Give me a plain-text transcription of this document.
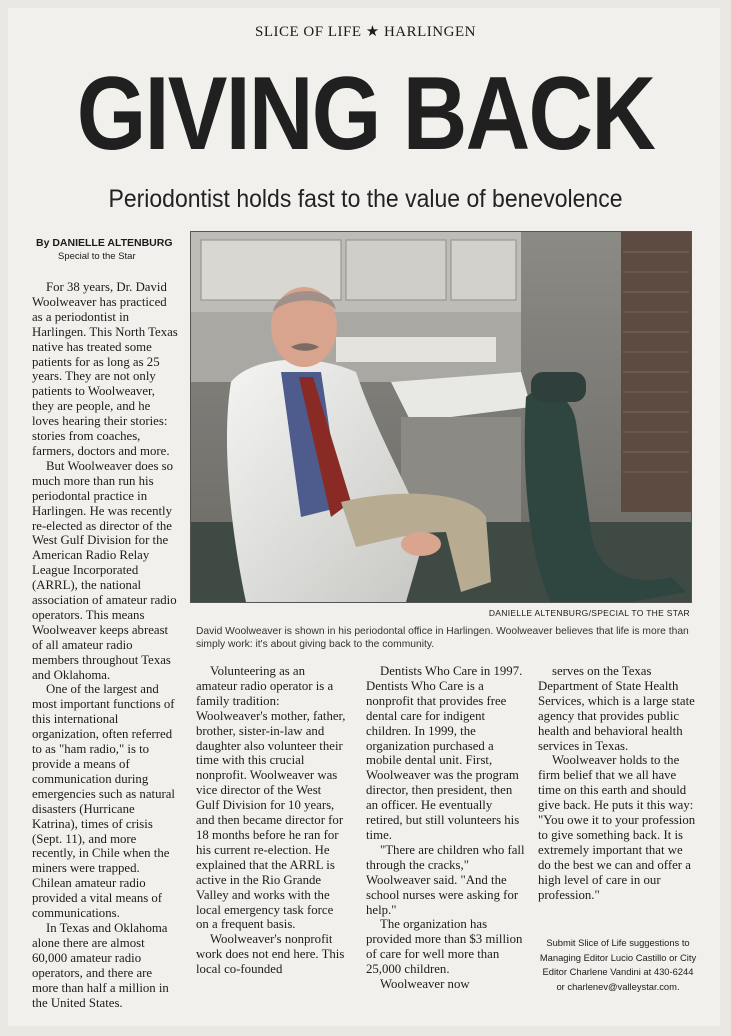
SLICE OF LIFE ★ HARLINGEN
GIVING BACK
Periodontist holds fast to the value of benevolence
By DANIELLE ALTENBURG
Special to the Star

For 38 years, Dr. David Woolweaver has practiced as a periodontist in Harlingen. This North Texas native has treated some patients for as long as 25 years. They are not only patients to Woolweaver, they are people, and he loves hearing their stories: stories from coaches, farmers, doctors and more.

But Woolweaver does so much more than run his periodontal practice in Harlingen. He was recently re-elected as director of the West Gulf Division for the American Radio Relay League Incorporated (ARRL), the national association of amateur radio operators. This means Woolweaver keeps abreast of all amateur radio members throughout Texas and Oklahoma.

One of the largest and most important functions of this international organization, often referred to as "ham radio," is to provide a means of communication during emergencies such as natural disasters (Hurricane Katrina), times of crisis (Sept. 11), and more recently, in Chile when the miners were trapped. Chilean amateur radio provided a vital means of communications.

In Texas and Oklahoma alone there are almost 60,000 amateur radio operators, and there are more than half a million in the United States.

DANIELLE ALTENBURG/SPECIAL TO THE STAR
David Woolweaver is shown in his periodontal office in Harlingen. Woolweaver believes that life is more than simply work: it's about giving back to the community.

Volunteering as an amateur radio operator is a family tradition: Woolweaver's mother, father, brother, sister-in-law and daughter also volunteer their time with this crucial nonprofit. Woolweaver was vice director of the West Gulf Division for 10 years, and then became director for 18 months before he ran for his current re-election. He explained that the ARRL is active in the Rio Grande Valley and works with the local emergency task force on a frequent basis.

Woolweaver's nonprofit work does not end here. This local co-founded

Dentists Who Care in 1997. Dentists Who Care is a nonprofit that provides free dental care for indigent children. In 1999, the organization purchased a mobile dental unit. First, Woolweaver was the program director, then president, then an officer. He eventually retired, but still volunteers his time.

"There are children who fall through the cracks," Woolweaver said. "And the school nurses were asking for help."

The organization has provided more than $3 million of care for well more than 25,000 children.

Woolweaver now

serves on the Texas Department of State Health Services, which is a large state agency that provides public health and behavioral health services in Texas.

Woolweaver holds to the firm belief that we all have time on this earth and should give back. He puts it this way: "You owe it to your profession to give something back. It is extremely important that we do the best we can and offer a high level of care in our profession."

Submit Slice of Life suggestions to Managing Editor Lucio Castillo or City Editor Charlene Vandini at 430-6244 or charlenev@valleystar.com.
